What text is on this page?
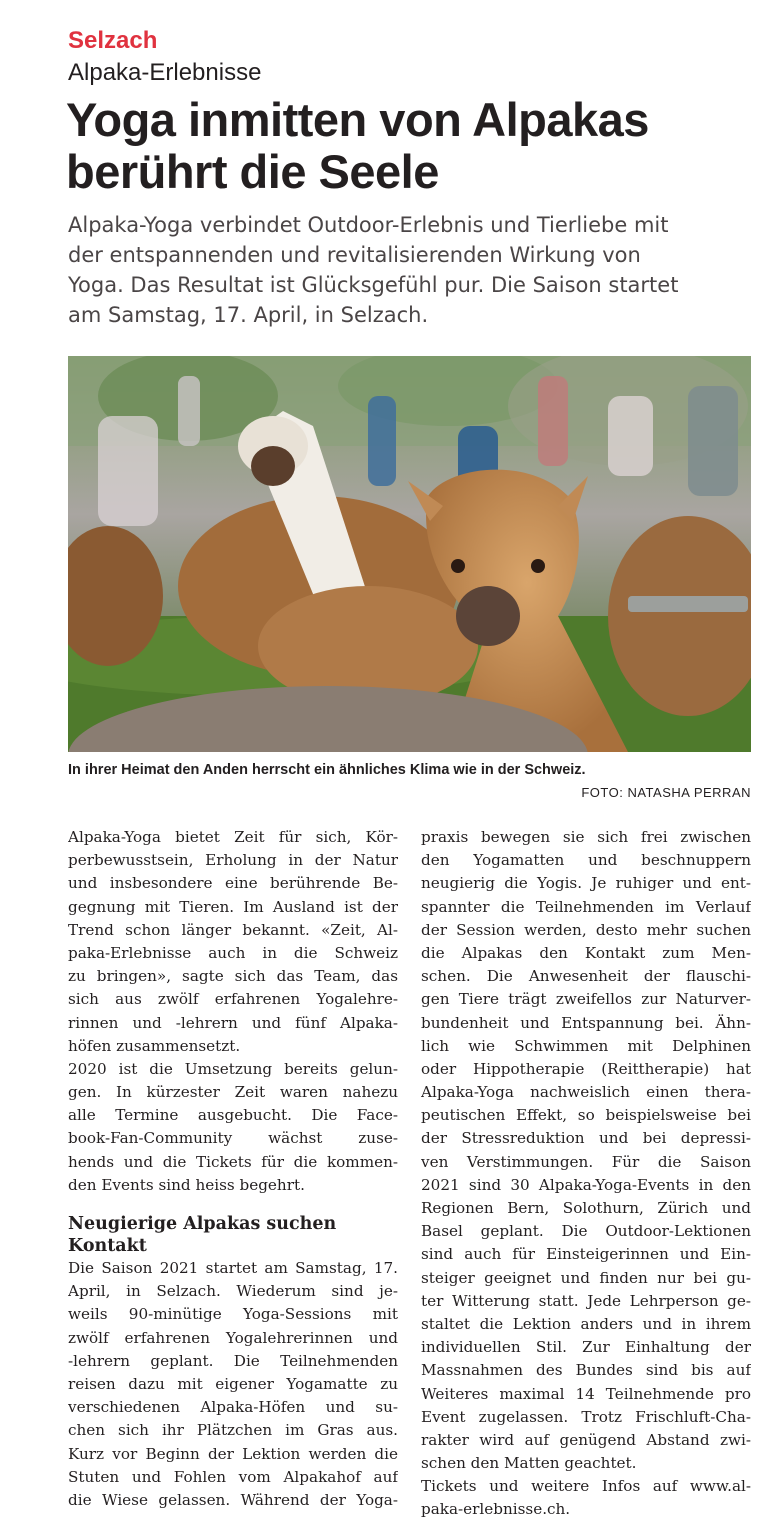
Selzach
Alpaka-Erlebnisse
Yoga inmitten von Alpakas
berührt die Seele
Alpaka-Yoga verbindet Outdoor-Erlebnis und Tierliebe mit
der entspannenden und revitalisierenden Wirkung von
Yoga. Das Resultat ist Glücksgefühl pur. Die Saison startet
am Samstag, 17. April, in Selzach.
In ihrer Heimat den Anden herrscht ein ähnliches Klima wie in der Schweiz.
FOTO: NATASHA PERRAN
Alpaka-Yoga bietet Zeit für sich, Kör-
perbewusstsein, Erholung in der Natur
und insbesondere eine berührende Be-
gegnung mit Tieren. Im Ausland ist der
Trend schon länger bekannt. «Zeit, Al-
paka-Erlebnisse auch in die Schweiz
zu bringen», sagte sich das Team, das
sich aus zwölf erfahrenen Yogalehre-
rinnen und -lehrern und fünf Alpaka-
höfen zusammensetzt.
2020 ist die Umsetzung bereits gelun-
gen. In kürzester Zeit waren nahezu
alle Termine ausgebucht. Die Face-
book-Fan-Community wächst zuse-
hends und die Tickets für die kommen-
den Events sind heiss begehrt.
Neugierige Alpakas suchen
Kontakt
Die Saison 2021 startet am Samstag, 17.
April, in Selzach. Wiederum sind je-
weils 90-minütige Yoga-Sessions mit
zwölf erfahrenen Yogalehrerinnen und
-lehrern geplant. Die Teilnehmenden
reisen dazu mit eigener Yogamatte zu
verschiedenen Alpaka-Höfen und su-
chen sich ihr Plätzchen im Gras aus.
Kurz vor Beginn der Lektion werden die
Stuten und Fohlen vom Alpakahof auf
die Wiese gelassen. Während der Yoga-
praxis bewegen sie sich frei zwischen
den Yogamatten und beschnuppern
neugierig die Yogis. Je ruhiger und ent-
spannter die Teilnehmenden im Verlauf
der Session werden, desto mehr suchen
die Alpakas den Kontakt zum Men-
schen. Die Anwesenheit der flauschi-
gen Tiere trägt zweifellos zur Naturver-
bundenheit und Entspannung bei. Ähn-
lich wie Schwimmen mit Delphinen
oder Hippotherapie (Reittherapie) hat
Alpaka-Yoga nachweislich einen thera-
peutischen Effekt, so beispielsweise bei
der Stressreduktion und bei depressi-
ven Verstimmungen. Für die Saison
2021 sind 30 Alpaka-Yoga-Events in den
Regionen Bern, Solothurn, Zürich und
Basel geplant. Die Outdoor-Lektionen
sind auch für Einsteigerinnen und Ein-
steiger geeignet und finden nur bei gu-
ter Witterung statt. Jede Lehrperson ge-
staltet die Lektion anders und in ihrem
individuellen Stil. Zur Einhaltung der
Massnahmen des Bundes sind bis auf
Weiteres maximal 14 Teilnehmende pro
Event zugelassen. Trotz Frischluft-Cha-
rakter wird auf genügend Abstand zwi-
schen den Matten geachtet.
Tickets und weitere Infos auf www.al-
paka-erlebnisse.ch.
